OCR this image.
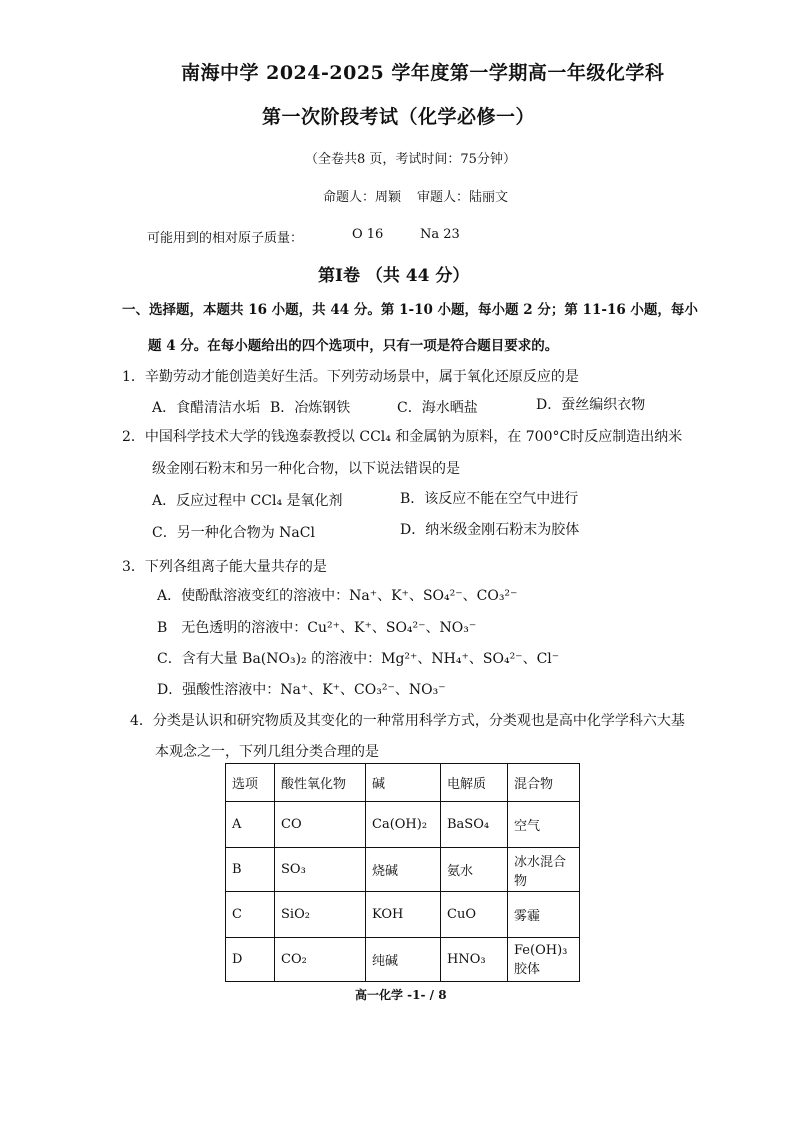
南海中学 2024-2025 学年度第一学期高一年级化学科
第一次阶段考试（化学必修一）
（全卷共8 页，考试时间：75分钟）
命题人：周颖 审题人：陆丽文
可能用到的相对原子质量：	O 16	Na 23
第Ⅰ卷 （共 44 分）
一、选择题，本题共 16 小题，共 44 分。第 1-10 小题，每小题 2 分；第 11-16 小题，每小
题 4 分。在每小题给出的四个选项中，只有一项是符合题目要求的。
1．辛勤劳动才能创造美好生活。下列劳动场景中，属于氧化还原反应的是
A．食醋清洁水垢 B．冶炼钢铁	C．海水晒盐	D．蚕丝编织衣物
2．中国科学技术大学的钱逸泰教授以 CCl₄ 和金属钠为原料，在 700°C时反应制造出纳米
级金刚石粉末和另一种化合物，以下说法错误的是
A．反应过程中 CCl₄ 是氧化剂	B．该反应不能在空气中进行
C．另一种化合物为 NaCl	D．纳米级金刚石粉末为胶体
3．下列各组离子能大量共存的是
A．使酚酞溶液变红的溶液中：Na⁺、K⁺、SO₄²⁻、CO₃²⁻
B　无色透明的溶液中：Cu²⁺、K⁺、SO₄²⁻、NO₃⁻
C．含有大量 Ba(NO₃)₂ 的溶液中：Mg²⁺、NH₄⁺、SO₄²⁻、Cl⁻
D．强酸性溶液中：Na⁺、K⁺、CO₃²⁻、NO₃⁻
4．分类是认识和研究物质及其变化的一种常用科学方式，分类观也是高中化学学科六大基
本观念之一，下列几组分类合理的是
选项	酸性氧化物	碱	电解质	混合物
A	CO	Ca(OH)₂	BaSO₄	空气
B	SO₃	烧碱	氨水	冰水混合物
C	SiO₂	KOH	CuO	雾霾
D	CO₂	纯碱	HNO₃	Fe(OH)₃ 胶体
高一化学 -1- / 8
